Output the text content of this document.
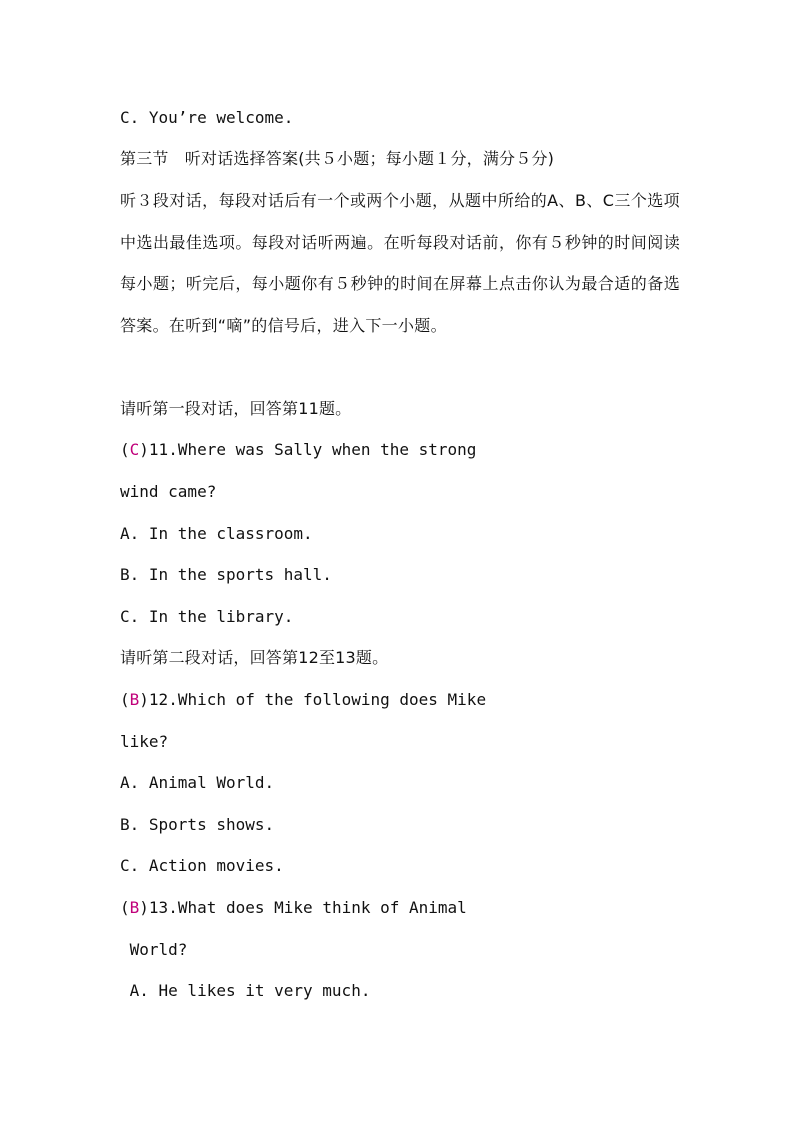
C. You’re welcome.
第三节　听对话选择答案(共５小题；每小题１分，满分５分)
听３段对话，每段对话后有一个或两个小题，从题中所给的A、B、C三个选项中选出最佳选项。每段对话听两遍。在听每段对话前，你有５秒钟的时间阅读每小题；听完后，每小题你有５秒钟的时间在屏幕上点击你认为最合适的备选答案。在听到“嘀”的信号后，进入下一小题。
请听第一段对话，回答第11题。
(C)11.Where was Sally when the strong
wind came?
A. In the classroom.
B. In the sports hall.
C. In the library.
请听第二段对话，回答第12至13题。
(B)12.Which of the following does Mike
like?
A. Animal World.
B. Sports shows.
C. Action movies.
(B)13.What does Mike think of Animal
World?
A. He likes it very much.
